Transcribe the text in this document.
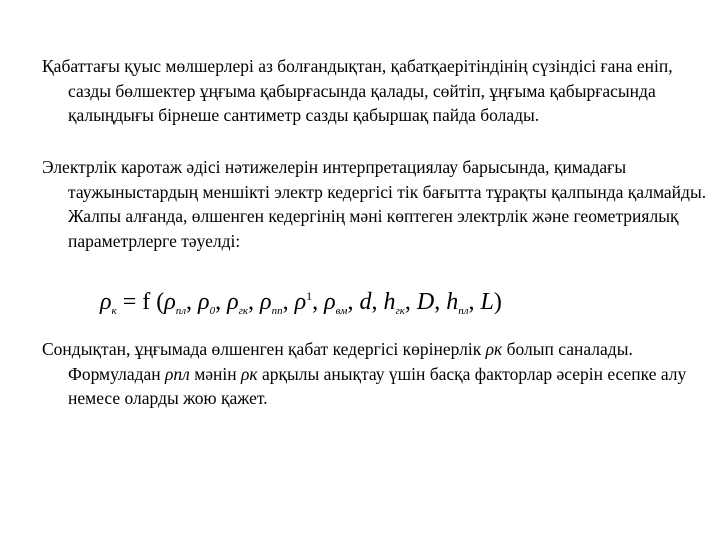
Қабаттағы қуыс мөлшерлері аз болғандықтан, қабатқаерітіндінің сүзіндісі ғана еніп, сазды бөлшектер ұңғыма қабырғасында қалады, сөйтіп, ұңғыма қабырғасында қалыңдығы бірнеше сантиметр сазды қабыршақ пайда болады.

Электрлік каротаж әдісі нәтижелерін интерпретациялау барысында, қимадағы таужыныстардың меншікті электр кедергісі тік бағытта тұрақты қалпында қалмайды. Жалпы алғанда, өлшенген кедергінің мәні көптеген электрлік және геометриялық параметрлерге тәуелді:

$\rho_к = f$ ($\rho_{пл}$, $\rho_0$, $\rho_{гк}$, $\rho_{пп}$, $\rho^1$, $\rho_{вм}$, d, $h_{гк}$, D, $h_{пл}$, L)

Сондықтан, ұңғымада өлшенген қабат кедергісі көрінерлік ρк болып саналады. Формуладан ρпл мәнін ρк арқылы анықтау үшін басқа факторлар әсерін есепке алу немесе оларды жою қажет.
